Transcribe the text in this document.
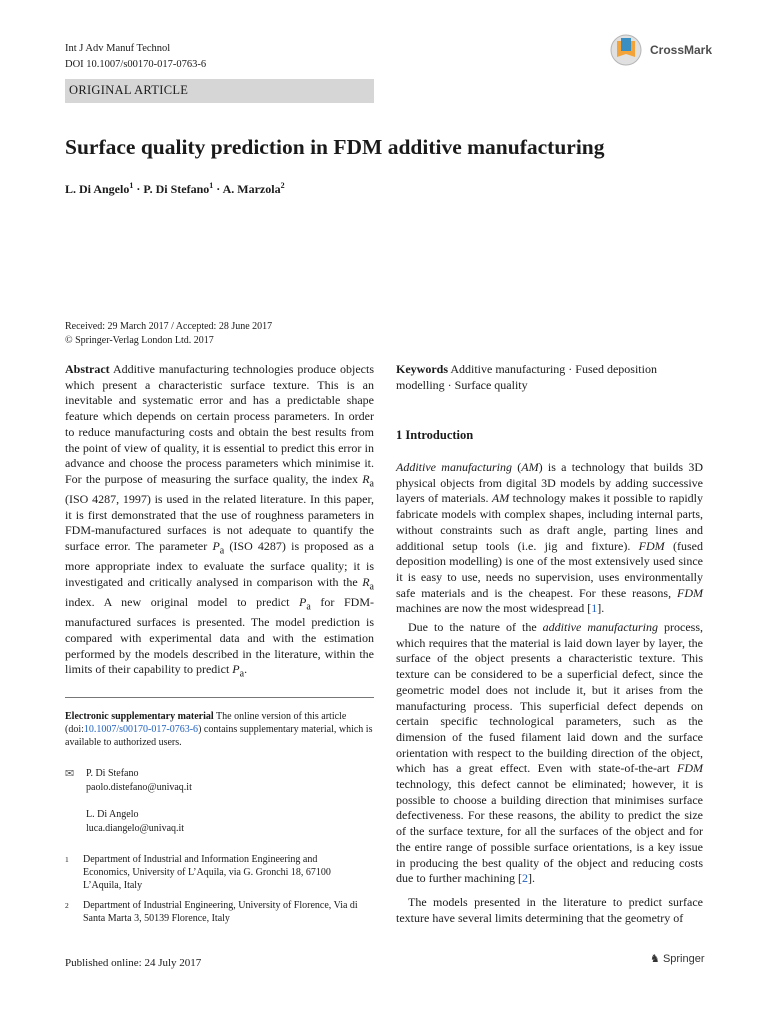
Int J Adv Manuf Technol
DOI 10.1007/s00170-017-0763-6
ORIGINAL ARTICLE
CrossMark
Surface quality prediction in FDM additive manufacturing
L. Di Angelo$^1$ · P. Di Stefano$^1$ · A. Marzola$^2$
Received: 29 March 2017 / Accepted: 28 June 2017
© Springer-Verlag London Ltd. 2017
Abstract Additive manufacturing technologies produce objects which present a characteristic surface texture. This is an inevitable and systematic error and has a predictable shape feature which depends on certain process parameters. In order to reduce manufacturing costs and obtain the best results from the point of view of quality, it is essential to predict this error in advance and choose the process parameters which minimise it. For the purpose of measuring the surface quality, the index $R_a$ (ISO 4287, 1997) is used in the related literature. In this paper, it is first demonstrated that the use of roughness parameters in FDM-manufactured surfaces is not adequate to quantify the surface error. The parameter $P_a$ (ISO 4287) is proposed as a more appropriate index to evaluate the surface quality; it is investigated and critically analysed in comparison with the $R_a$ index. A new original model to predict $P_a$ for FDM-manufactured surfaces is presented. The model prediction is compared with experimental data and with the estimation performed by the models described in the literature, within the limits of their capability to predict $P_a$.
Keywords Additive manufacturing · Fused deposition modelling · Surface quality
1 Introduction
Additive manufacturing (AM) is a technology that builds 3D physical objects from digital 3D models by adding successive layers of materials. AM technology makes it possible to rapidly fabricate models with complex shapes, including internal parts, without constraints such as draft angle, parting lines and additional setup tools (i.e. jig and fixture). FDM (fused deposition modelling) is one of the most extensively used since it is easy to use, needs no supervision, uses environmentally safe materials and is the cheapest. For these reasons, FDM machines are now the most widespread [1].
Due to the nature of the additive manufacturing process, which requires that the material is laid down layer by layer, the surface of the object presents a characteristic texture. This texture can be considered to be a superficial defect, since the geometric model does not include it, but it arises from the manufacturing process. This superficial defect depends on certain specific technological parameters, such as the dimension of the fused filament laid down and the surface orientation with respect to the building direction of the object, which has a great effect. Even with state-of-the-art FDM technology, this defect cannot be eliminated; however, it is possible to choose a building direction that minimises surface defectiveness. For these reasons, the ability to predict the size of the surface texture, for all the surfaces of the object and for the entire range of possible surface orientations, is a key issue in producing the best quality of the object and reducing costs due to further machining [2].
The models presented in the literature to predict surface texture have several limits determining that the geometry of
Electronic supplementary material The online version of this article (doi:10.1007/s00170-017-0763-6) contains supplementary material, which is available to authorized users.
✉ P. Di Stefano
paolo.distefano@univaq.it
L. Di Angelo
luca.diangelo@univaq.it
1 Department of Industrial and Information Engineering and Economics, University of L’Aquila, via G. Gronchi 18, 67100 L’Aquila, Italy
2 Department of Industrial Engineering, University of Florence, Via di Santa Marta 3, 50139 Florence, Italy
Published online: 24 July 2017	♞ Springer
